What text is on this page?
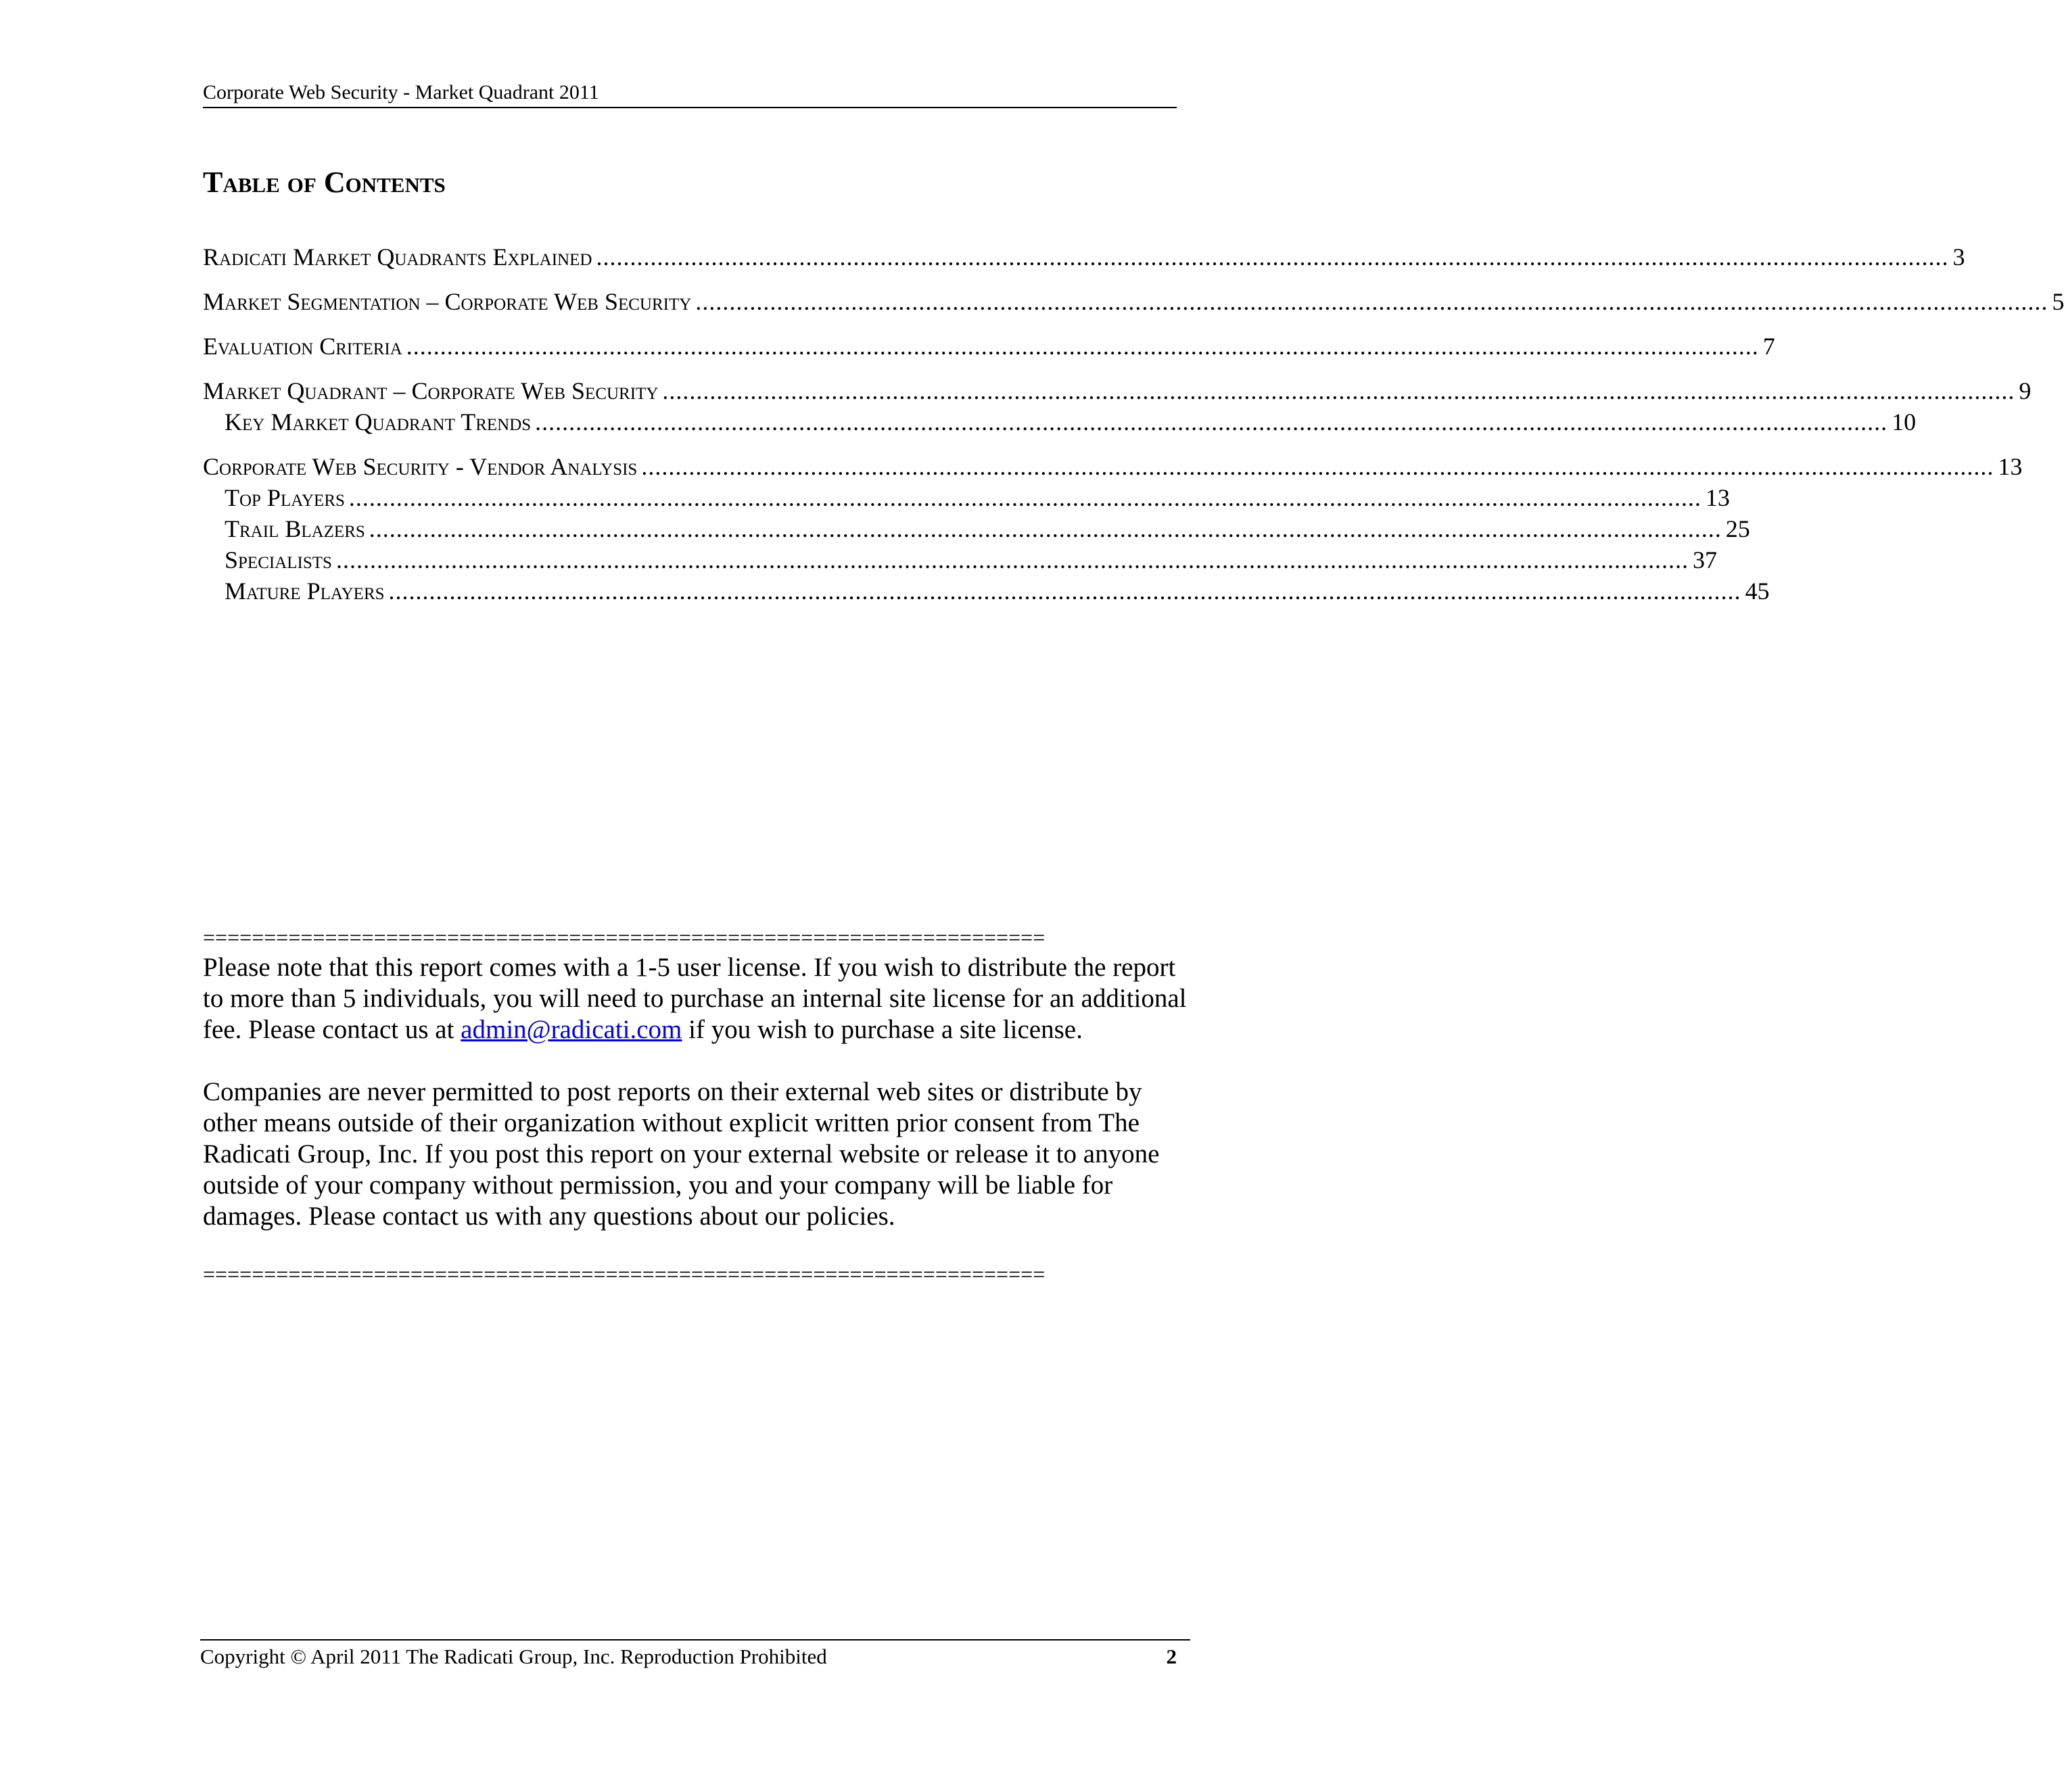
Corporate Web Security - Market Quadrant 2011
Table of Contents
Radicati Market Quadrants Explained ........................................................................................................................................................................................................ 3
Market Segmentation – Corporate Web Security ........................................................................................................................................................................................................ 5
Evaluation Criteria ........................................................................................................................................................................................................ 7
Market Quadrant – Corporate Web Security ........................................................................................................................................................................................................ 9
Key Market Quadrant Trends ........................................................................................................................................................................................................ 10
Corporate Web Security - Vendor Analysis ........................................................................................................................................................................................................ 13
Top Players ........................................................................................................................................................................................................ 13
Trail Blazers ........................................................................................................................................................................................................ 25
Specialists ........................................................................................................................................................................................................ 37
Mature Players ........................................................................................................................................................................................................ 45
=====================================================================

Please note that this report comes with a 1-5 user license. If you wish to distribute the report to more than 5 individuals, you will need to purchase an internal site license for an additional fee. Please contact us at admin@radicati.com if you wish to purchase a site license.

Companies are never permitted to post reports on their external web sites or distribute by other means outside of their organization without explicit written prior consent from The Radicati Group, Inc. If you post this report on your external website or release it to anyone outside of your company without permission, you and your company will be liable for damages. Please contact us with any questions about our policies.

=====================================================================
Copyright © April 2011 The Radicati Group, Inc. Reproduction Prohibited	2
